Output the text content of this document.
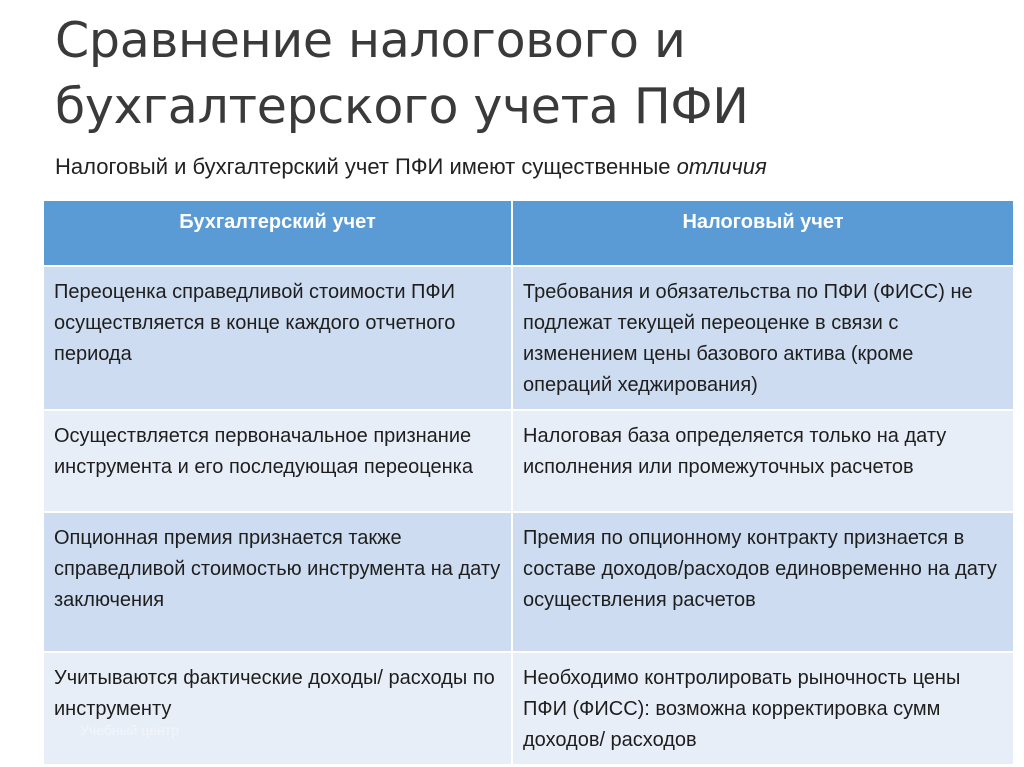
Сравнение налогового и
бухгалтерского учета ПФИ

Налоговый и бухгалтерский учет ПФИ имеют существенные отличия

Бухгалтерский учет	Налоговый учет
Переоценка справедливой стоимости ПФИ осуществляется в конце каждого отчетного периода	Требования и обязательства по ПФИ (ФИСС) не подлежат текущей переоценке в связи с изменением цены базового актива (кроме операций хеджирования)
Осуществляется первоначальное признание инструмента и его последующая переоценка	Налоговая база определяется только на дату исполнения или промежуточных расчетов
Опционная премия признается также справедливой стоимостью инструмента на дату заключения	Премия по опционному контракту признается в составе доходов/расходов единовременно на дату осуществления расчетов
Учитываются фактические доходы/ расходы по инструменту	Необходимо контролировать рыночность цены ПФИ (ФИСС): возможна корректировка сумм доходов/ расходов
Учебный центр
